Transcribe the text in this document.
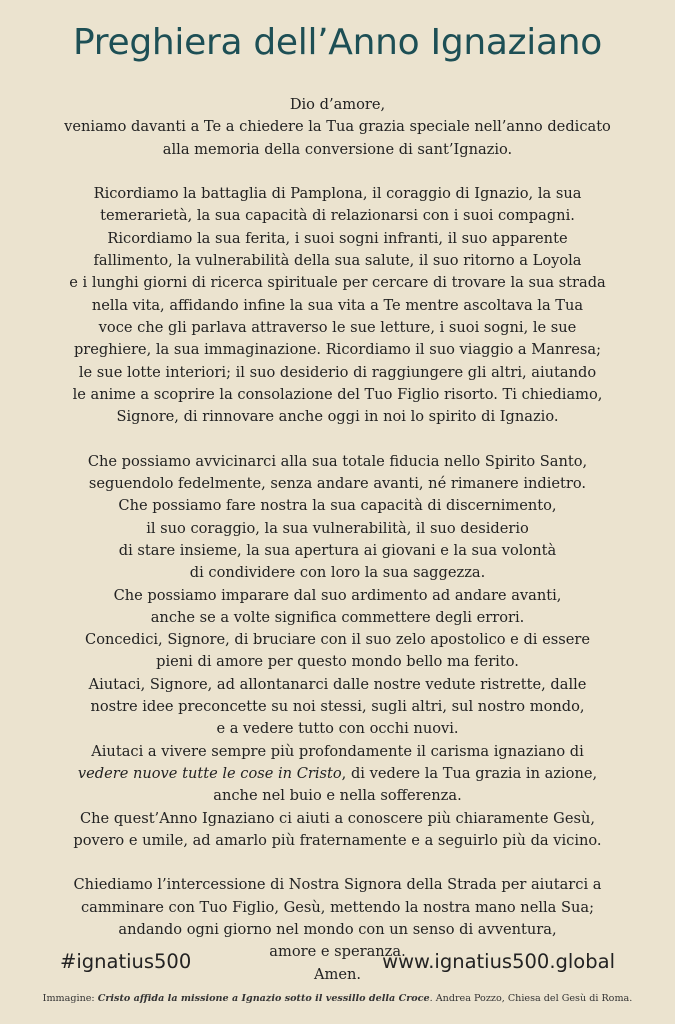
Preghiera dell’Anno Ignaziano
Dio d’amore,
veniamo davanti a Te a chiedere la Tua grazia speciale nell’anno dedicato
alla memoria della conversione di sant’Ignazio.
Ricordiamo la battaglia di Pamplona, il coraggio di Ignazio, la sua
temerarietà, la sua capacità di relazionarsi con i suoi compagni.
Ricordiamo la sua ferita, i suoi sogni infranti, il suo apparente
fallimento, la vulnerabilità della sua salute, il suo ritorno a Loyola
e i lunghi giorni di ricerca spirituale per cercare di trovare la sua strada
nella vita, affidando infine la sua vita a Te mentre ascoltava la Tua
voce che gli parlava attraverso le sue letture, i suoi sogni, le sue
preghiere, la sua immaginazione. Ricordiamo il suo viaggio a Manresa;
le sue lotte interiori; il suo desiderio di raggiungere gli altri, aiutando
le anime a scoprire la consolazione del Tuo Figlio risorto. Ti chiediamo,
Signore, di rinnovare anche oggi in noi lo spirito di Ignazio.
Che possiamo avvicinarci alla sua totale fiducia nello Spirito Santo,
seguendolo fedelmente, senza andare avanti, né rimanere indietro.
Che possiamo fare nostra la sua capacità di discernimento,
il suo coraggio, la sua vulnerabilità, il suo desiderio
di stare insieme, la sua apertura ai giovani e la sua volontà
di condividere con loro la sua saggezza.
Che possiamo imparare dal suo ardimento ad andare avanti,
anche se a volte significa commettere degli errori.
Concedici, Signore, di bruciare con il suo zelo apostolico e di essere
pieni di amore per questo mondo bello ma ferito.
Aiutaci, Signore, ad allontanarci dalle nostre vedute ristrette, dalle
nostre idee preconcette su noi stessi, sugli altri, sul nostro mondo,
e a vedere tutto con occhi nuovi.
Aiutaci a vivere sempre più profondamente il carisma ignaziano di
vedere nuove tutte le cose in Cristo, di vedere la Tua grazia in azione,
anche nel buio e nella sofferenza.
Che quest’Anno Ignaziano ci aiuti a conoscere più chiaramente Gesù,
povero e umile, ad amarlo più fraternamente e a seguirlo più da vicino.
Chiediamo l’intercessione di Nostra Signora della Strada per aiutarci a
camminare con Tuo Figlio, Gesù, mettendo la nostra mano nella Sua;
andando ogni giorno nel mondo con un senso di avventura,
amore e speranza.
Amen.
#ignatius500	www.ignatius500.global
Immagine: Cristo affida la missione a Ignazio sotto il vessillo della Croce. Andrea Pozzo, Chiesa del Gesù di Roma.
